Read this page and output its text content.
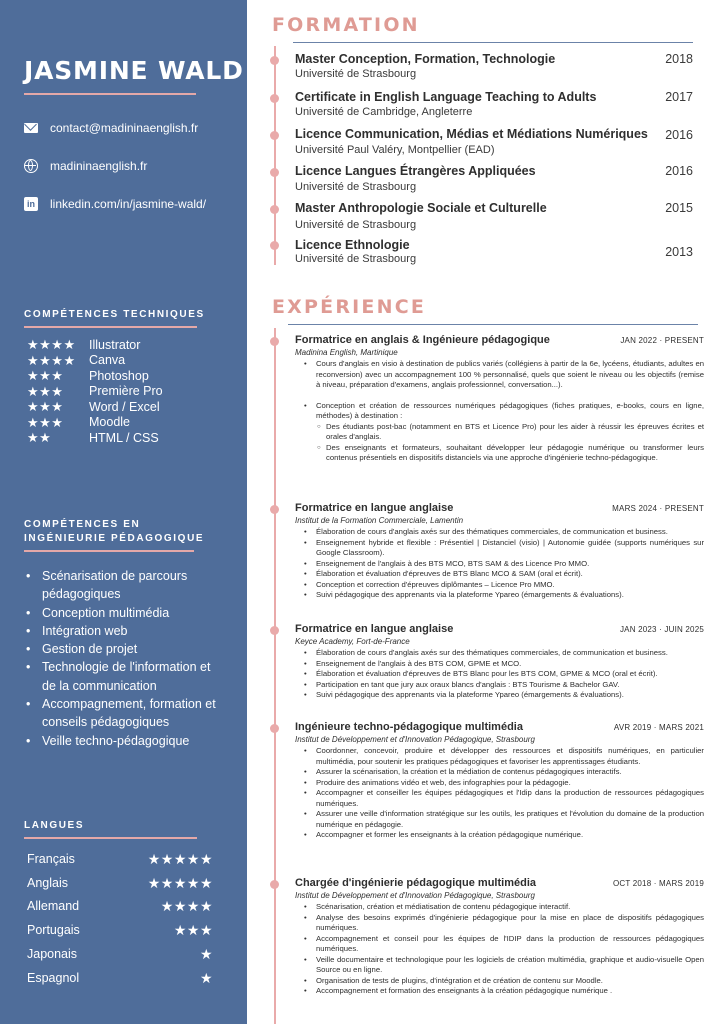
JASMINE WALD
contact@madininaenglish.fr
madininaenglish.fr
in linkedin.com/in/jasmine-wald/
COMPÉTENCES TECHNIQUES
★★★★	Illustrator
★★★★	Canva
★★★	Photoshop
★★★	Première Pro
★★★	Word / Excel
★★★	Moodle
★★	HTML / CSS
COMPÉTENCES EN
INGÉNIEURIE PÉDAGOGIQUE
• Scénarisation de parcours pédagogiques
• Conception multimédia
• Intégration web
• Gestion de projet
• Technologie de l'information et de la communication
• Accompagnement, formation et conseils pédagogiques
• Veille techno-pédagogique
LANGUES
Français	★★★★★
Anglais	★★★★★
Allemand	★★★★
Portugais	★★★
Japonais	★
Espagnol	★
FORMATION
Master Conception, Formation, Technologie
Université de Strasbourg
2018
Certificate in English Language Teaching to Adults
Université de Cambridge, Angleterre
2017
Licence Communication, Médias et Médiations Numériques
Université Paul Valéry, Montpellier (EAD)
2016
Licence Langues Étrangères Appliquées
Université de Strasbourg
2016
Master Anthropologie Sociale et Culturelle
Université de Strasbourg
2015
Licence Ethnologie
Université de Strasbourg	2013
EXPÉRIENCE
Formatrice en anglais & Ingénieure pédagogique	JAN 2022 · PRESENT
Madinina English, Martinique
• Cours d'anglais en visio à destination de publics variés (collégiens à partir de la 6e, lycéens, étudiants, adultes en reconversion) avec un accompagnement 100 % personnalisé, quels que soient le niveau ou les objectifs (remise à niveau, préparation d'examens, anglais professionnel, conversation...).
• Conception et création de ressources numériques pédagogiques (fiches pratiques, e-books, cours en ligne, méthodes) à destination :
○ Des étudiants post-bac (notamment en BTS et Licence Pro) pour les aider à réussir les épreuves écrites et orales d'anglais.
○ Des enseignants et formateurs, souhaitant développer leur pédagogie numérique ou transformer leurs contenus présentiels en dispositifs distanciels via une approche d'ingénierie techno-pédagogique.
Formatrice en langue anglaise	MARS 2024 · PRESENT
Institut de la Formation Commerciale, Lamentin
• Élaboration de cours d'anglais axés sur des thématiques commerciales, de communication et business.
• Enseignement hybride et flexible : Présentiel | Distanciel (visio) | Autonomie guidée (supports numériques sur Google Classroom).
• Enseignement de l'anglais à des BTS MCO, BTS SAM & des Licence Pro MMO.
• Élaboration et évaluation d'épreuves de BTS Blanc MCO & SAM (oral et écrit).
• Conception et correction d'épreuves diplômantes – Licence Pro MMO.
• Suivi pédagogique des apprenants via la plateforme Ypareo (émargements & évaluations).
Formatrice en langue anglaise	JAN 2023 · JUIN 2025
Keyce Academy, Fort-de-France
• Élaboration de cours d'anglais axés sur des thématiques commerciales, de communication et business.
• Enseignement de l'anglais à des BTS COM, GPME et MCO.
• Élaboration et évaluation d'épreuves de BTS Blanc pour les BTS COM, GPME & MCO (oral et écrit).
• Participation en tant que jury aux oraux blancs d'anglais : BTS Tourisme & Bachelor GAV.
• Suivi pédagogique des apprenants via la plateforme Ypareo (émargements & évaluations).
Ingénieure techno-pédagogique multimédia	AVR 2019 · MARS 2021
Institut de Développement et d'Innovation Pédagogique, Strasbourg
• Coordonner, concevoir, produire et développer des ressources et dispositifs numériques, en particulier multimédia, pour soutenir les pratiques pédagogiques et favoriser les apprentissages étudiants.
• Assurer la scénarisation, la création et la médiation de contenus pédagogiques interactifs.
• Produire des animations vidéo et web, des infographies pour la pédagogie.
• Accompagner et conseiller les équipes pédagogiques et l'Idip dans la production de ressources pédagogiques numériques.
• Assurer une veille d'information stratégique sur les outils, les pratiques et l'évolution du domaine de la production numérique en pédagogie.
• Accompagner et former les enseignants à la création pédagogique numérique.
Chargée d'ingénierie pédagogique multimédia	OCT 2018 · MARS 2019
Institut de Développement et d'Innovation Pédagogique, Strasbourg
• Scénarisation, création et médiatisation de contenu pédagogique interactif.
• Analyse des besoins exprimés d'ingénierie pédagogique pour la mise en place de dispositifs pédagogiques numériques.
• Accompagnement et conseil pour les équipes de l'IDIP dans la production de ressources pédagogiques numériques.
• Veille documentaire et technologique pour les logiciels de création multimédia, graphique et audio-visuelle Open Source ou en ligne.
• Organisation de tests de plugins, d'intégration et de création de contenu sur Moodle.
• Accompagnement et formation des enseignants à la création pédagogique numérique .
